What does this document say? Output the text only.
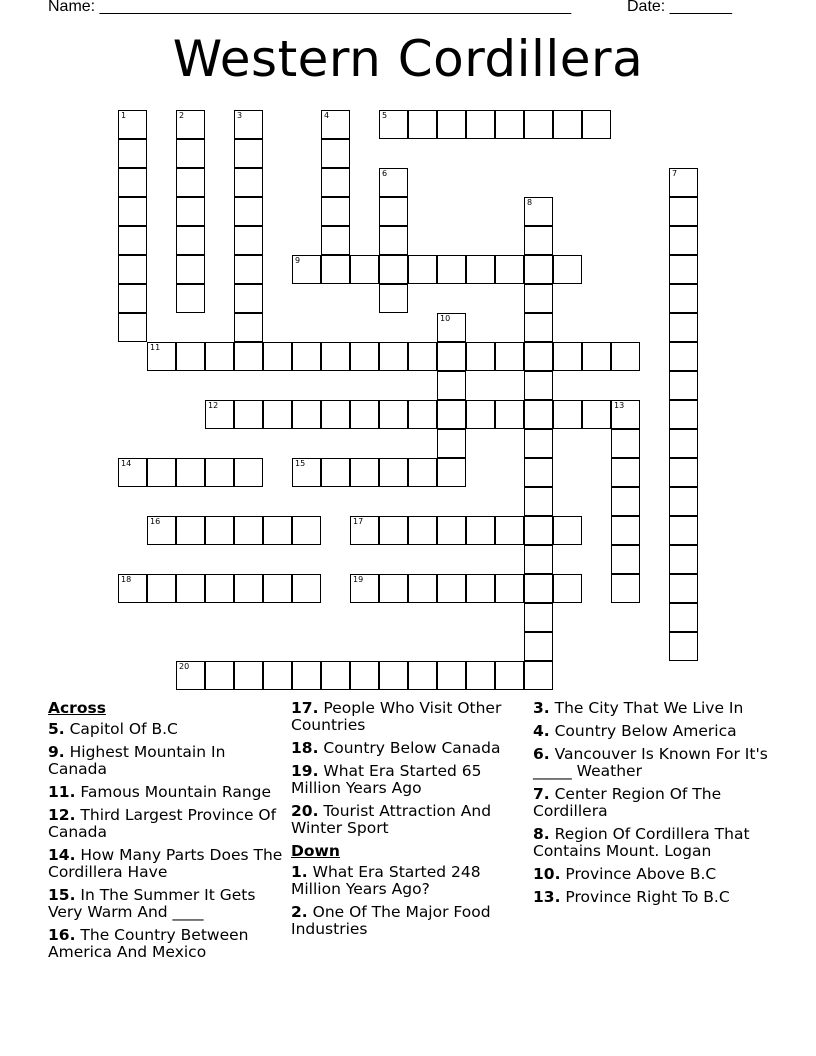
Name: _____________________________________________________	Date: _______
Western Cordillera
1	2	3	4	5
6	7
8
9
10
11
12	13
14	15
16	17
18	19
20
Across
5. Capitol Of B.C
9. Highest Mountain In Canada
11. Famous Mountain Range
12. Third Largest Province Of Canada
14. How Many Parts Does The Cordillera Have
15. In The Summer It Gets Very Warm And ____
16. The Country Between America And Mexico
17. People Who Visit Other Countries
18. Country Below Canada
19. What Era Started 65 Million Years Ago
20. Tourist Attraction And Winter Sport
Down
1. What Era Started 248 Million Years Ago?
2. One Of The Major Food Industries
3. The City That We Live In
4. Country Below America
6. Vancouver Is Known For It's _____ Weather
7. Center Region Of The Cordillera
8. Region Of Cordillera That Contains Mount. Logan
10. Province Above B.C
13. Province Right To B.C
